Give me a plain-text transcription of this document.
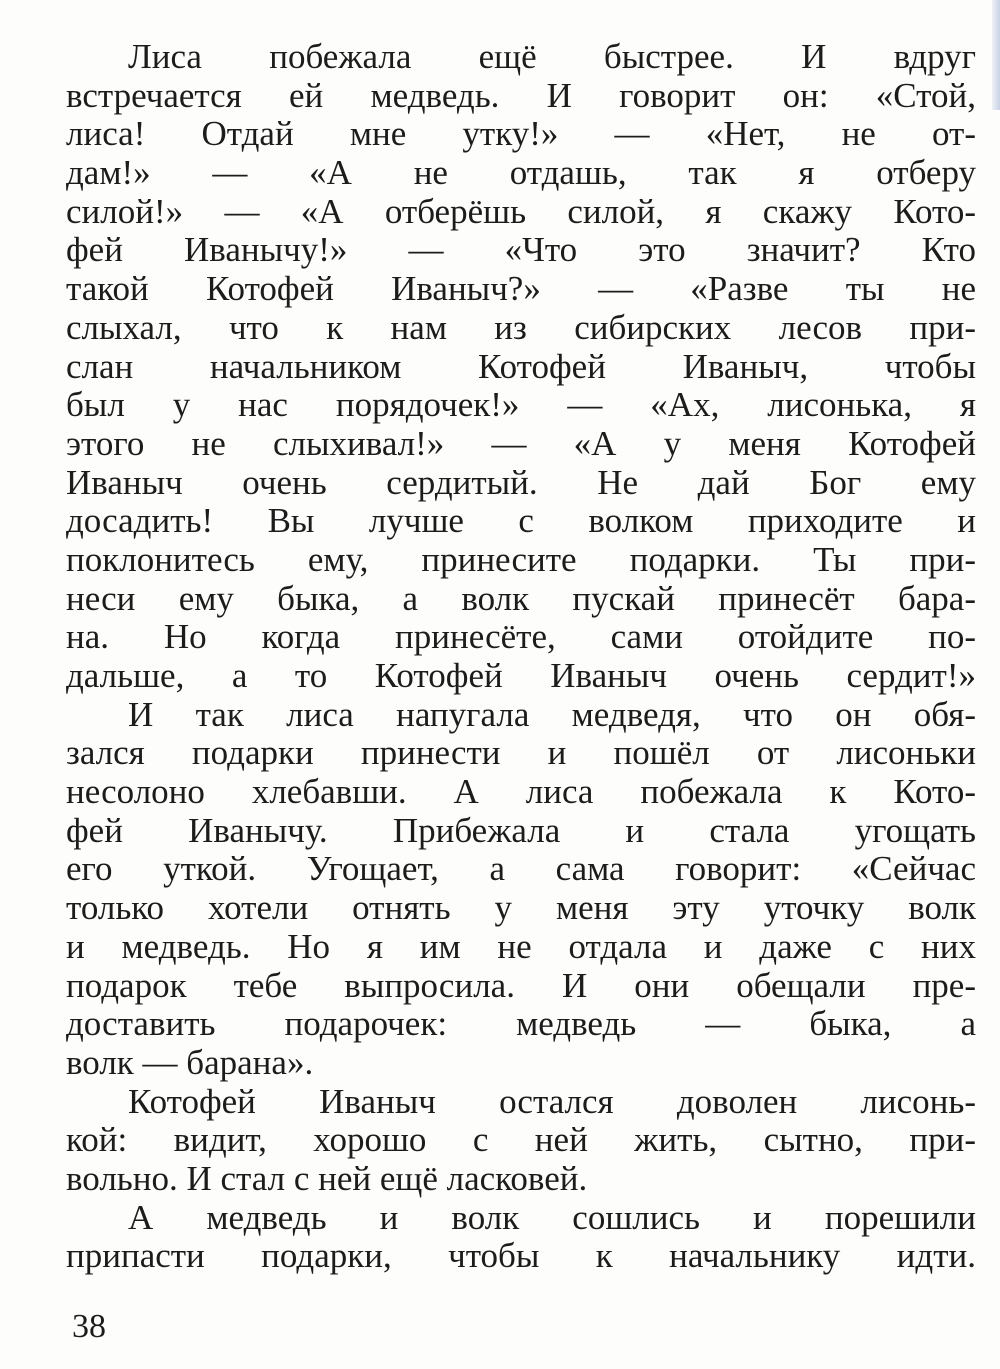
Лиса побежала ещё быстрее. И вдруг
встречается ей медведь. И говорит он: «Стой,
лиса! Отдай мне утку!» — «Нет, не от-
дам!» — «А не отдашь, так я отберу
силой!» — «А отберёшь силой, я скажу Кото-
фей Иванычу!» — «Что это значит? Кто
такой Котофей Иваныч?» — «Разве ты не
слыхал, что к нам из сибирских лесов при-
слан начальником Котофей Иваныч, чтобы
был у нас порядочек!» — «Ах, лисонька, я
этого не слыхивал!» — «А у меня Котофей
Иваныч очень сердитый. Не дай Бог ему
досадить! Вы лучше с волком приходите и
поклонитесь ему, принесите подарки. Ты при-
неси ему быка, а волк пускай принесёт бара-
на. Но когда принесёте, сами отойдите по-
дальше, а то Котофей Иваныч очень сердит!»
И так лиса напугала медведя, что он обя-
зался подарки принести и пошёл от лисоньки
несолоно хлебавши. А лиса побежала к Кото-
фей Иванычу. Прибежала и стала угощать
его уткой. Угощает, а сама говорит: «Сейчас
только хотели отнять у меня эту уточку волк
и медведь. Но я им не отдала и даже с них
подарок тебе выпросила. И они обещали пре-
доставить подарочек: медведь — быка, а
волк — барана».
Котофей Иваныч остался доволен лисонь-
кой: видит, хорошо с ней жить, сытно, при-
вольно. И стал с ней ещё ласковей.
А медведь и волк сошлись и порешили
припасти подарки, чтобы к начальнику идти.
38
